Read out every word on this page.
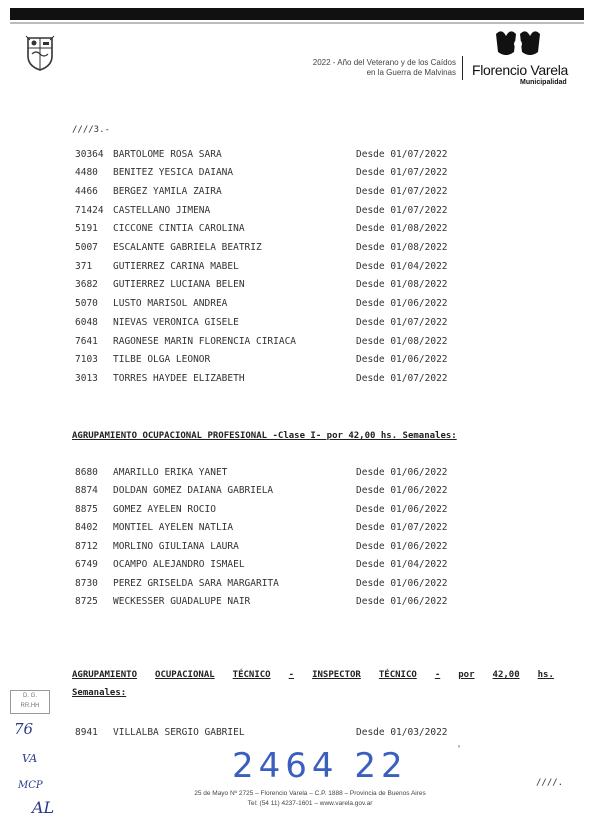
2022 - Año del Veterano y de los Caídos
en la Guerra de Malvinas	Florencio Varela
Municipalidad
////3.-
30364 BARTOLOME ROSA SARA	Desde 01/07/2022
4480	BENITEZ YESICA DAIANA	Desde 01/07/2022
4466	BERGEZ YAMILA ZAIRA	Desde 01/07/2022
71424 CASTELLANO JIMENA	Desde 01/07/2022
5191	CICCONE CINTIA CAROLINA	Desde 01/08/2022
5007	ESCALANTE GABRIELA BEATRIZ	Desde 01/08/2022
371	GUTIERREZ CARINA MABEL	Desde 01/04/2022
3682	GUTIERREZ LUCIANA BELEN	Desde 01/08/2022
5070	LUSTO MARISOL ANDREA	Desde 01/06/2022
6048	NIEVAS VERONICA GISELE	Desde 01/07/2022
7641	RAGONESE MARIN FLORENCIA CIRIACA	Desde 01/08/2022
7103	TILBE OLGA LEONOR	Desde 01/06/2022
3013	TORRES HAYDEE ELIZABETH	Desde 01/07/2022
AGRUPAMIENTO OCUPACIONAL PROFESIONAL -Clase I- por 42,00 hs. Semanales:
8680	AMARILLO ERIKA YANET	Desde 01/06/2022
8874	DOLDAN GOMEZ DAIANA GABRIELA	Desde 01/06/2022
8875	GOMEZ AYELEN ROCIO	Desde 01/06/2022
8402	MONTIEL AYELEN NATLIA	Desde 01/07/2022
8712	MORLINO GIULIANA LAURA	Desde 01/06/2022
6749	OCAMPO ALEJANDRO ISMAEL	Desde 01/04/2022
8730	PEREZ GRISELDA SARA MARGARITA	Desde 01/06/2022
8725	WECKESSER GUADALUPE NAIR	Desde 01/06/2022
AGRUPAMIENTO OCUPACIONAL TÉCNICO - INSPECTOR TÉCNICO - por 42,00 hs.
Semanales:
8941	VILLALBA SERGIO GABRIEL	Desde 01/03/2022
2464 22	'
25 de Mayo Nº 2725 – Florencio Varela – C.P. 1888 – Provincia de Buenos Aires
Tel: (54 11) 4237-1601 – www.varela.gov.ar
////.
D. G.
RR.HH
76
VA
MCP
AL
